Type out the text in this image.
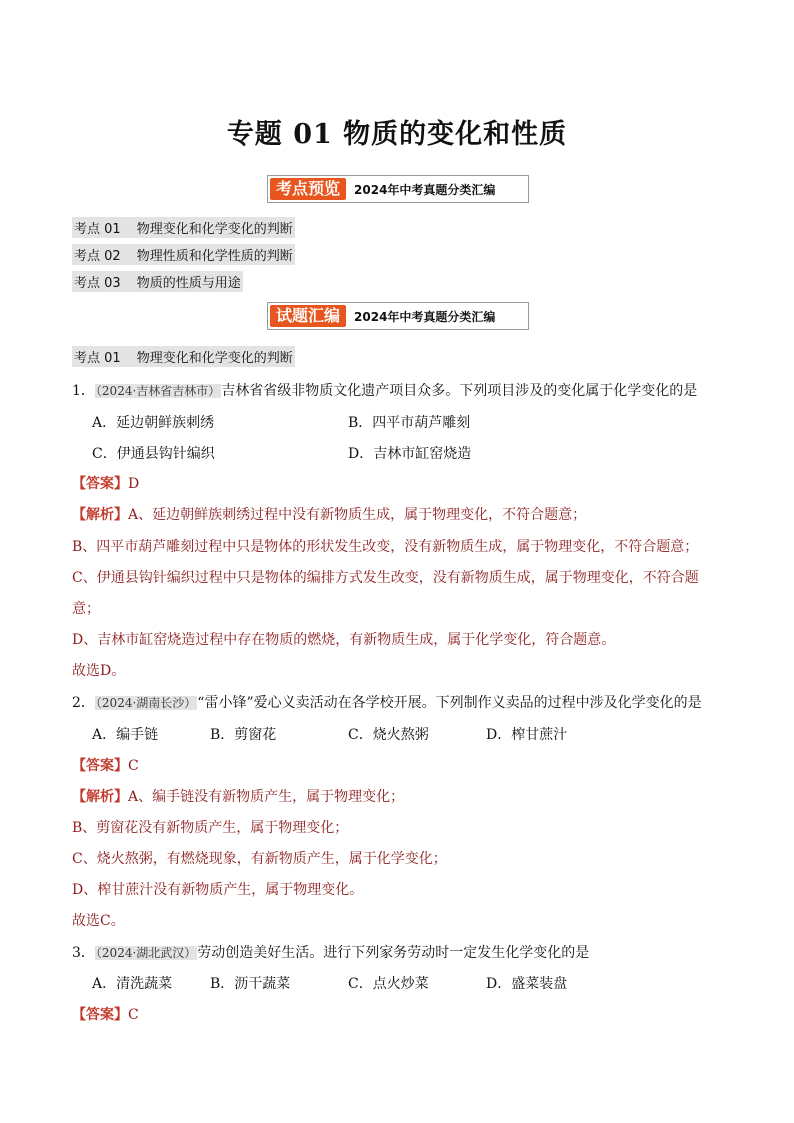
专题 01 物质的变化和性质
考点预览	2024年中考真题分类汇编
考点 01 物理变化和化学变化的判断
考点 02 物理性质和化学性质的判断
考点 03 物质的性质与用途
试题汇编	2024年中考真题分类汇编
考点 01 物理变化和化学变化的判断
1．（2024·吉林省吉林市）吉林省省级非物质文化遗产项目众多。下列项目涉及的变化属于化学变化的是
A．延边朝鲜族刺绣	B．四平市葫芦雕刻
C．伊通县钩针编织	D．吉林市缸窑烧造
【答案】D
【解析】A、延边朝鲜族刺绣过程中没有新物质生成，属于物理变化，不符合题意；
B、四平市葫芦雕刻过程中只是物体的形状发生改变，没有新物质生成，属于物理变化，不符合题意；
C、伊通县钩针编织过程中只是物体的编排方式发生改变，没有新物质生成，属于物理变化，不符合题
意；
D、吉林市缸窑烧造过程中存在物质的燃烧，有新物质生成，属于化学变化，符合题意。
故选D。
2．（2024·湖南长沙）“雷小锋”爱心义卖活动在各学校开展。下列制作义卖品的过程中涉及化学变化的是
A．编手链	B．剪窗花	C．烧火熬粥	D．榨甘蔗汁
【答案】C
【解析】A、编手链没有新物质产生，属于物理变化；
B、剪窗花没有新物质产生，属于物理变化；
C、烧火熬粥，有燃烧现象，有新物质产生，属于化学变化；
D、榨甘蔗汁没有新物质产生，属于物理变化。
故选C。
3．（2024·湖北武汉）劳动创造美好生活。进行下列家务劳动时一定发生化学变化的是
A．清洗蔬菜	B．沥干蔬菜	C．点火炒菜	D．盛菜装盘
【答案】C
